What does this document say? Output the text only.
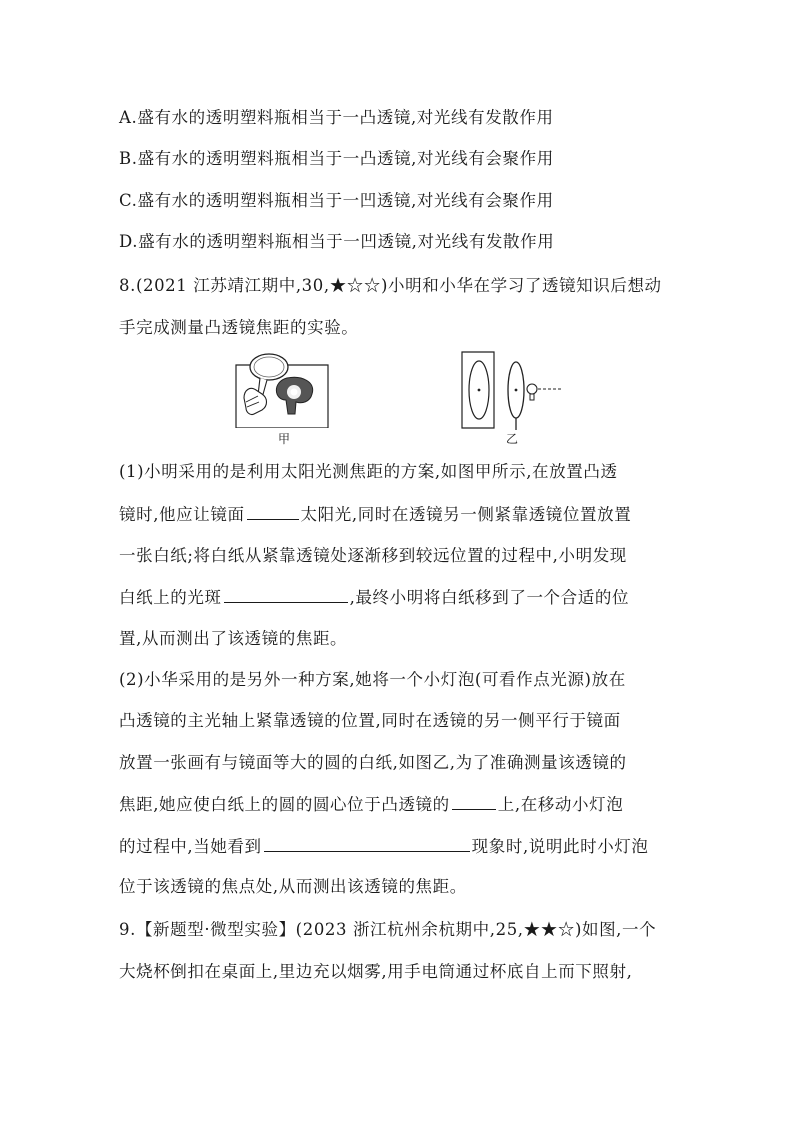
A.盛有水的透明塑料瓶相当于一凸透镜,对光线有发散作用
B.盛有水的透明塑料瓶相当于一凸透镜,对光线有会聚作用
C.盛有水的透明塑料瓶相当于一凹透镜,对光线有会聚作用
D.盛有水的透明塑料瓶相当于一凹透镜,对光线有发散作用
8.(2021 江苏靖江期中,30,★☆☆)小明和小华在学习了透镜知识后想动
手完成测量凸透镜焦距的实验。
甲	乙
(1)小明采用的是利用太阳光测焦距的方案,如图甲所示,在放置凸透
镜时,他应让镜面	太阳光,同时在透镜另一侧紧靠透镜位置放置
一张白纸;将白纸从紧靠透镜处逐渐移到较远位置的过程中,小明发现
白纸上的光斑	,最终小明将白纸移到了一个合适的位
置,从而测出了该透镜的焦距。
(2)小华采用的是另外一种方案,她将一个小灯泡(可看作点光源)放在
凸透镜的主光轴上紧靠透镜的位置,同时在透镜的另一侧平行于镜面
放置一张画有与镜面等大的圆的白纸,如图乙,为了准确测量该透镜的
焦距,她应使白纸上的圆的圆心位于凸透镜的	上,在移动小灯泡
的过程中,当她看到	现象时,说明此时小灯泡
位于该透镜的焦点处,从而测出该透镜的焦距。
9.【新题型·微型实验】(2023 浙江杭州余杭期中,25,★★☆)如图,一个
大烧杯倒扣在桌面上,里边充以烟雾,用手电筒通过杯底自上而下照射,
